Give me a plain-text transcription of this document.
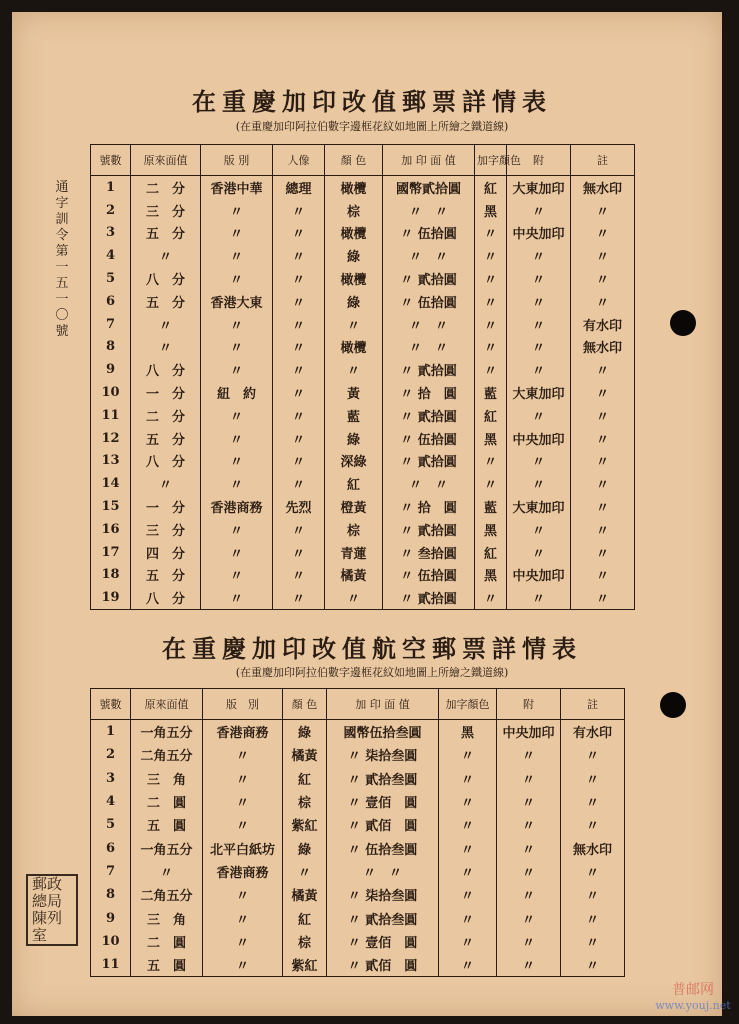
在重慶加印改值郵票詳情表
(在重慶加印阿拉伯數字邊框花紋如地圖上所繪之鐵道線)
通字訓令第一五一〇號
號數	原來面值	版 別	人像	顏 色	加 印 面 值	加字顏色	附	註
1	二　分	香港中華	總理	橄欖	國幣貳拾圓	紅	大東加印	無水印
2	三　分	〃	〃	棕	〃　〃	黑	〃	〃
3	五　分	〃	〃	橄欖	〃 伍拾圓	〃	中央加印	〃
4	〃	〃	〃	綠	〃　〃	〃	〃	〃
5	八　分	〃	〃	橄欖	〃 貳拾圓	〃	〃	〃
6	五　分	香港大東	〃	綠	〃 伍拾圓	〃	〃	〃
7	〃	〃	〃	〃	〃　〃	〃	〃	有水印
8	〃	〃	〃	橄欖	〃　〃	〃	〃	無水印
9	八　分	〃	〃	〃	〃 貳拾圓	〃	〃	〃
10	一　分	紐　約	〃	黃	〃 拾　圓	藍	大東加印	〃
11	二　分	〃	〃	藍	〃 貳拾圓	紅	〃	〃
12	五　分	〃	〃	綠	〃 伍拾圓	黑	中央加印	〃
13	八　分	〃	〃	深綠	〃 貳拾圓	〃	〃	〃
14	〃	〃	〃	紅	〃　〃	〃	〃	〃
15	一　分	香港商務	先烈	橙黃	〃 拾　圓	藍	大東加印	〃
16	三　分	〃	〃	棕	〃 貳拾圓	黑	〃	〃
17	四　分	〃	〃	青蓮	〃 叁拾圓	紅	〃	〃
18	五　分	〃	〃	橘黃	〃 伍拾圓	黑	中央加印	〃
19	八　分	〃	〃	〃	〃 貳拾圓	〃	〃	〃
在重慶加印改值航空郵票詳情表
(在重慶加印阿拉伯數字邊框花紋如地圖上所繪之鐵道線)
號數	原來面值	版　別	顏 色	加 印 面 值	加字顏色	附	註
1	一角五分	香港商務	綠	國幣伍拾叁圓	黑	中央加印	有水印
2	二角五分	〃	橘黃	〃 柒拾叁圓	〃	〃	〃
3	三　角	〃	紅	〃 貳拾叁圓	〃	〃	〃
4	二　圓	〃	棕	〃 壹佰　圓	〃	〃	〃
5	五　圓	〃	紫紅	〃 貳佰　圓	〃	〃	〃
6	一角五分	北平白紙坊	綠	〃 伍拾叁圓	〃	〃	無水印
7	〃	香港商務	〃	〃　〃	〃	〃	〃
8	二角五分	〃	橘黃	〃 柒拾叁圓	〃	〃	〃
9	三　角	〃	紅	〃 貳拾叁圓	〃	〃	〃
10	二　圓	〃	棕	〃 壹佰　圓	〃	〃	〃
11	五　圓	〃	紫紅	〃 貳佰　圓	〃	〃	〃
郵政總局陳列室
普邮网
www.youj.net
